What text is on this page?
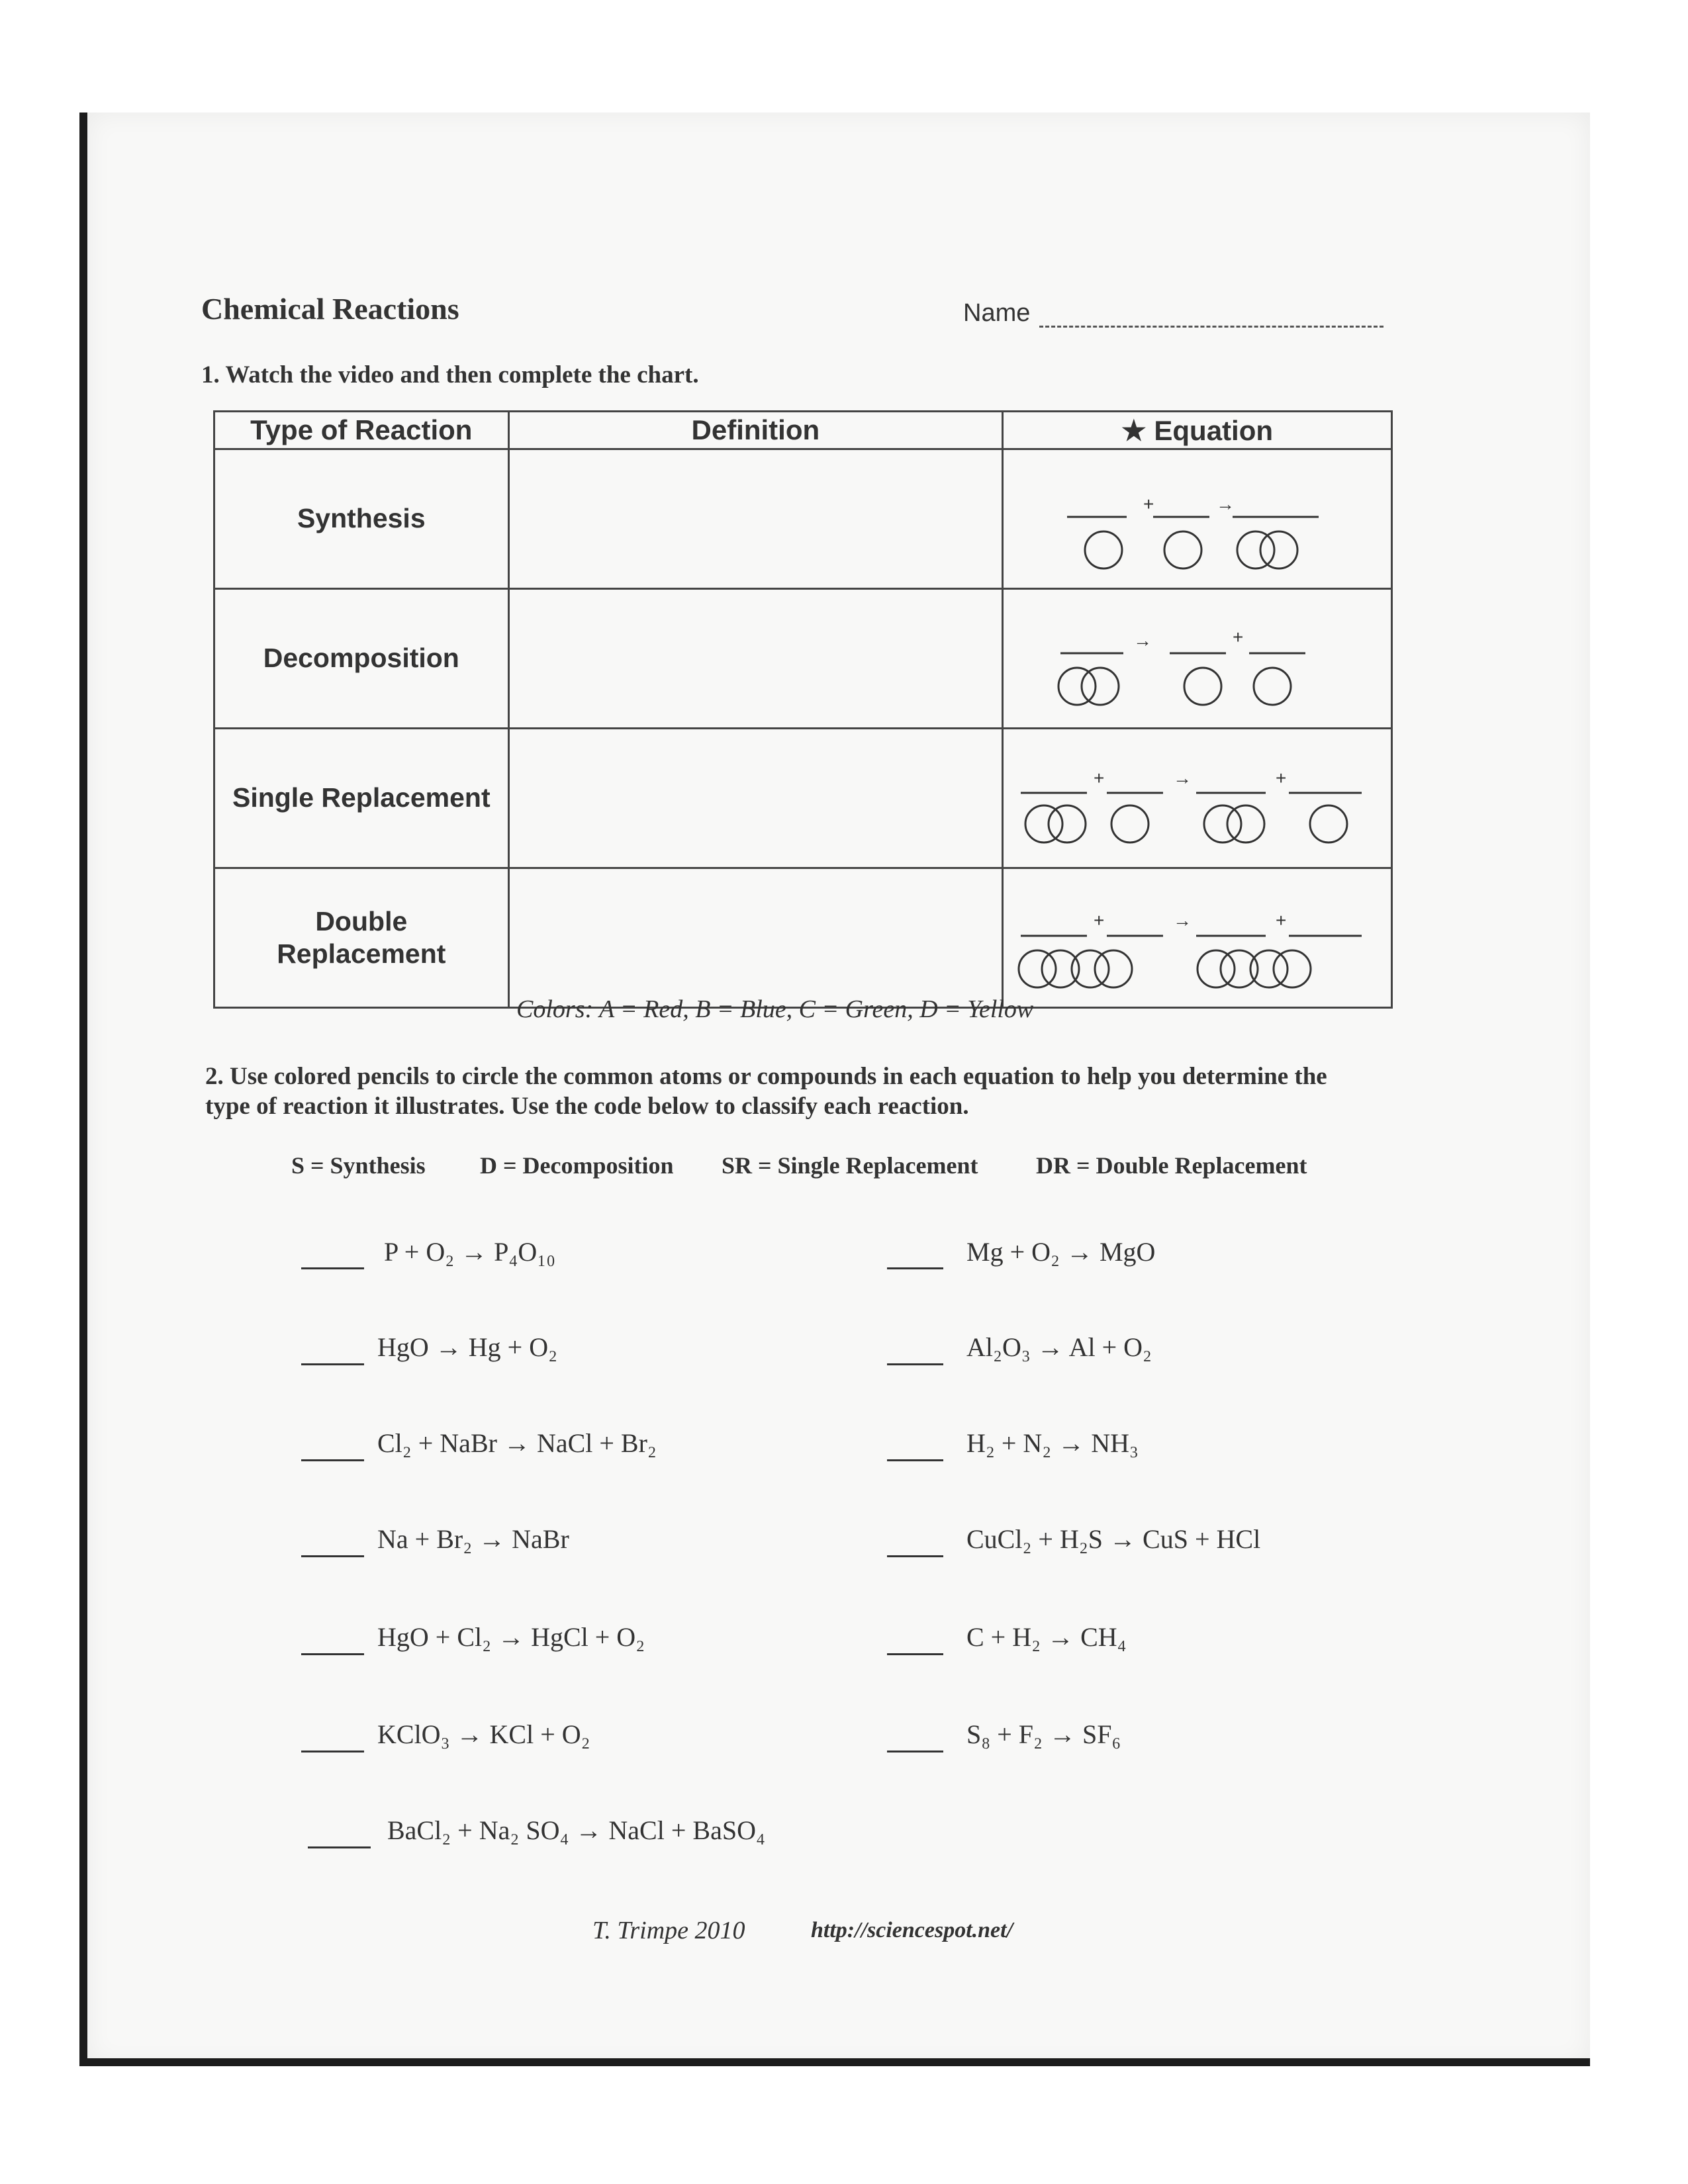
Chemical Reactions	Name
1. Watch the video and then complete the chart.
Type of Reaction	Definition	★ Equation
Synthesis		+ →

Decomposition		→ +

Single Replacement		+ → +

Double
Replacement		+ → +
Colors: A = Red, B = Blue, C = Green, D = Yellow
2. Use colored pencils to circle the common atoms or compounds in each equation to help you determine the
type of reaction it illustrates. Use the code below to classify each reaction.
S = Synthesis D = Decomposition SR = Single Replacement DR = Double Replacement
P + O₂ → P₄O₁₀
HgO → Hg + O₂
Cl₂ + NaBr → NaCl + Br₂
Na + Br₂ → NaBr
HgO + Cl₂ → HgCl + O₂
KClO₃ → KCl + O₂
BaCl₂ + Na₂ SO₄ → NaCl + BaSO₄
Mg + O₂ → MgO
Al₂O₃ → Al + O₂
H₂ + N₂ → NH₃
CuCl₂ + H₂S → CuS + HCl
C + H₂ → CH₄
S₈ + F₂ → SF₆
T. Trimpe 2010	http://sciencespot.net/
